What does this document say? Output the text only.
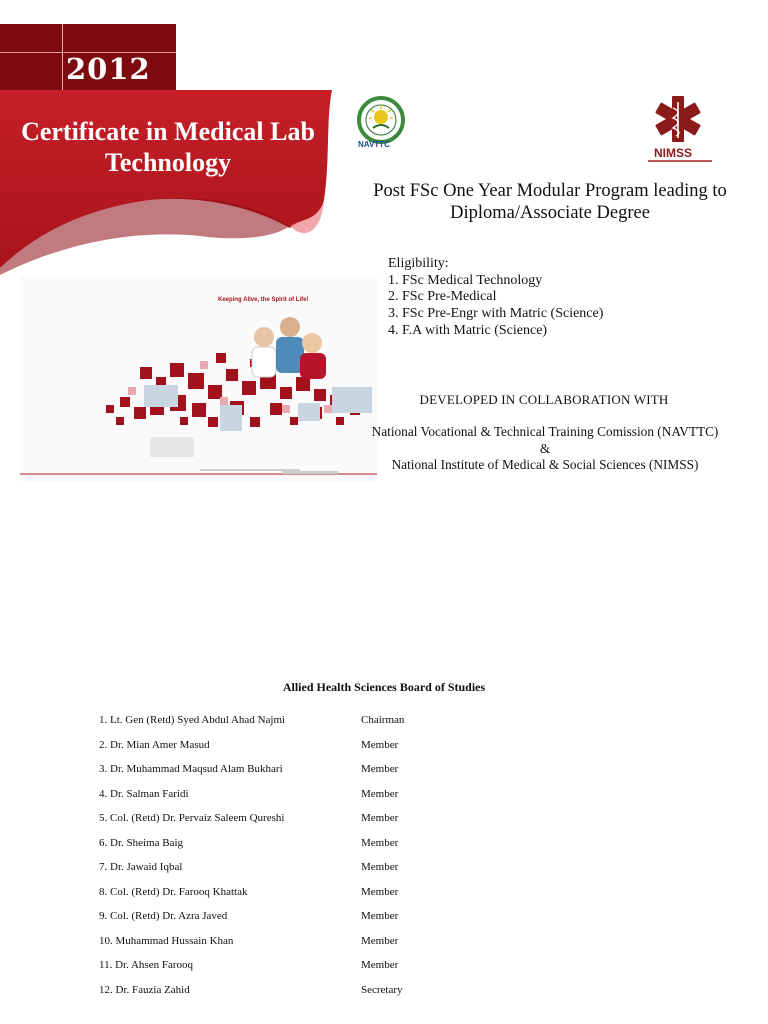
2012
Certificate in Medical Lab
Technology
NAVTTC
NIMSS
Post FSc One Year Modular Program leading to
Diploma/Associate Degree
Eligibility:
1. FSc Medical Technology
2. FSc Pre-Medical
3. FSc Pre-Engr with Matric (Science)
4. F.A with Matric (Science)
Keeping Alive, the Spirit of Life!
DEVELOPED IN COLLABORATION WITH
National Vocational & Technical Training Comission (NAVTTC)
&
National Institute of Medical & Social Sciences (NIMSS)
Allied Health Sciences Board of Studies
1. Lt. Gen (Retd) Syed Abdul Ahad Najmi	Chairman
2. Dr. Mian Amer Masud	Member
3. Dr. Muhammad Maqsud Alam Bukhari	Member
4. Dr. Salman Faridi	Member
5. Col. (Retd) Dr. Pervaiz Saleem Qureshi	Member
6. Dr. Sheima Baig	Member
7. Dr. Jawaid Iqbal	Member
8. Col. (Retd) Dr. Farooq Khattak	Member
9. Col. (Retd) Dr. Azra Javed	Member
10. Muhammad Hussain Khan	Member
11. Dr. Ahsen Farooq	Member
12. Dr. Fauzia Zahid	Secretary
